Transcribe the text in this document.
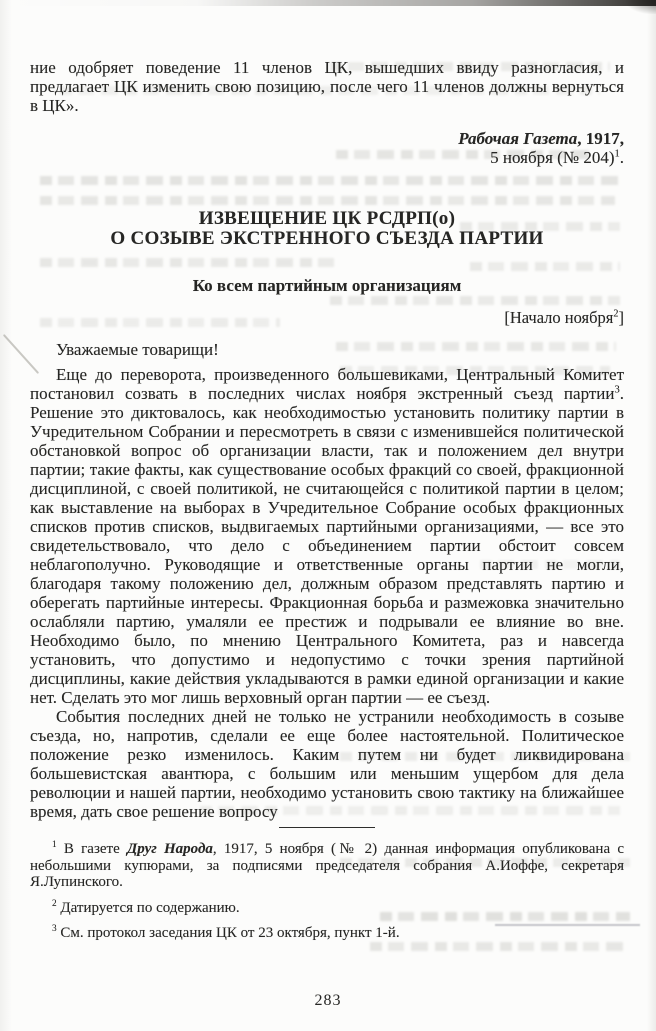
ние одобряет поведение 11 членов ЦК, вышедших ввиду разногласия, и предлагает ЦК изменить свою позицию, после чего 11 членов должны вернуться в ЦК».

Рабочая Газета, 1917,
5 ноября (№ 204)$^1$.
ИЗВЕЩЕНИЕ ЦК РСДРП(о)
О СОЗЫВЕ ЭКСТРЕННОГО СЪЕЗДА ПАРТИИ
Ко всем партийным организациям
[Начало ноября$^2$]

Уважаемые товарищи!

Еще до переворота, произведенного большевиками, Центральный Комитет постановил созвать в последних числах ноября экстренный съезд партии$^3$. Решение это диктовалось, как необходимостью установить политику партии в Учредительном Собрании и пересмотреть в связи с изменившейся политической обстановкой вопрос об организации власти, так и положением дел внутри партии; такие факты, как существование особых фракций со своей, фракционной дисциплиной, с своей политикой, не считающейся с политикой партии в целом; как выставление на выборах в Учредительное Собрание особых фракционных списков против списков, выдвигаемых партийными организациями, — все это свидетельствовало, что дело с объединением партии обстоит совсем неблагополучно. Руководящие и ответственные органы партии не могли, благодаря такому положению дел, должным образом представлять партию и оберегать партийные интересы. Фракционная борьба и размежовка значительно ослабляли партию, умаляли ее престиж и подрывали ее влияние во вне. Необходимо было, по мнению Центрального Комитета, раз и навсегда установить, что допустимо и недопустимо с точки зрения партийной дисциплины, какие действия укладываются в рамки единой организации и какие нет. Сделать это мог лишь верховный орган партии — ее съезд.

События последних дней не только не устранили необходимость в созыве съезда, но, напротив, сделали ее еще более настоятельной. Политическое положение резко изменилось. Каким путем ни будет ликвидирована большевистская авантюра, с большим или меньшим ущербом для дела революции и нашей партии, необходимо установить свою тактику на ближайшее время, дать свое решение вопросу

$^1$ В газете Друг Народа, 1917, 5 ноября (№ 2) данная информация опубликована с небольшими купюрами, за подписями председателя собрания А.Иоффе, секретаря Я.Лупинского.

$^2$ Датируется по содержанию.

$^3$ См. протокол заседания ЦК от 23 октября, пункт 1-й.

283
